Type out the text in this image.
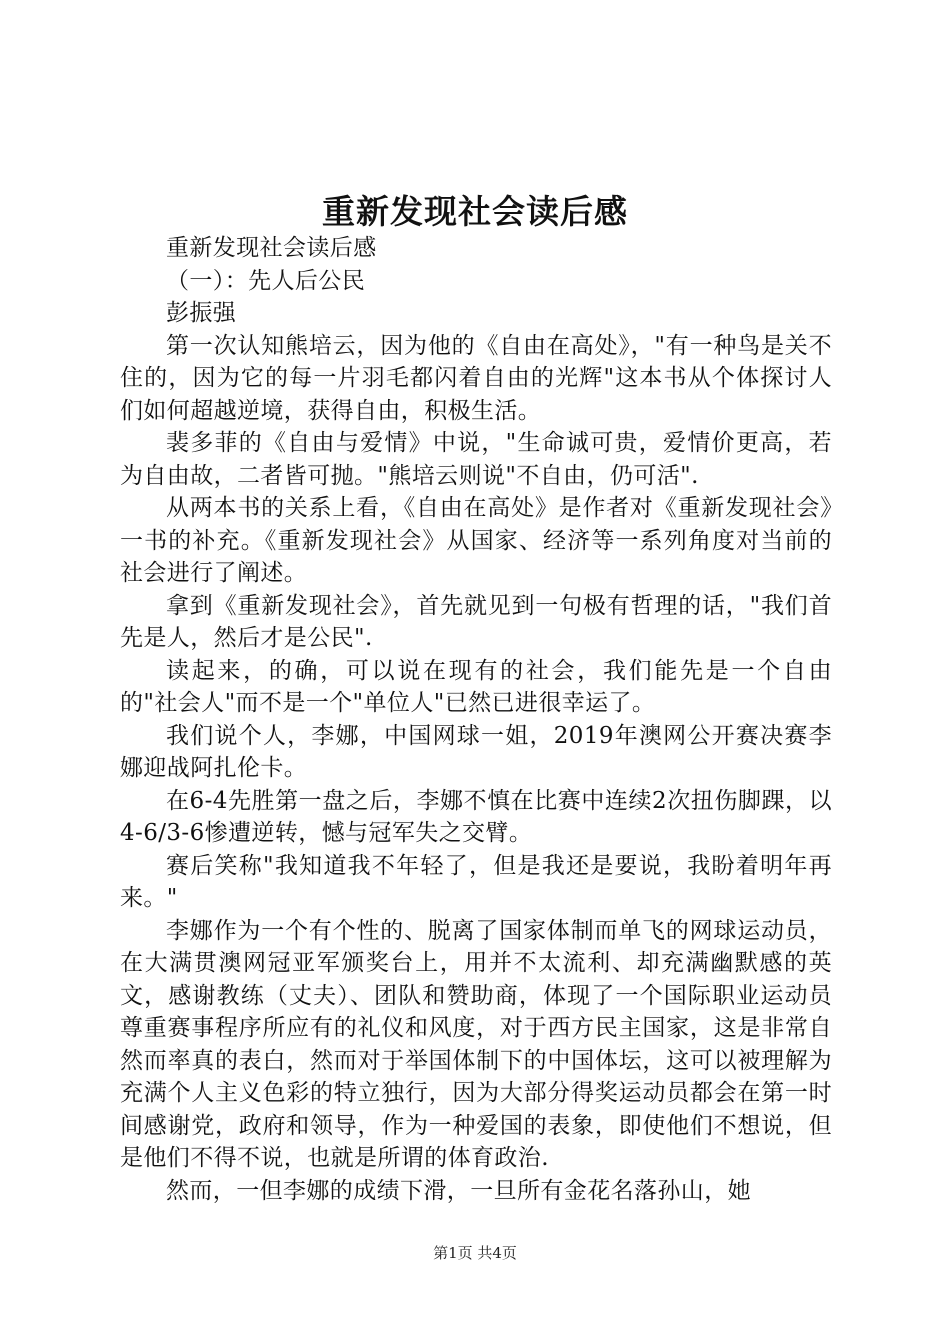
重新发现社会读后感

重新发现社会读后感

（一）：先人后公民

彭振强

第一次认知熊培云，因为他的《自由在高处》，"有一种鸟是关不住的，因为它的每一片羽毛都闪着自由的光辉"这本书从个体探讨人们如何超越逆境，获得自由，积极生活。

裴多菲的《自由与爱情》中说，"生命诚可贵，爱情价更高，若为自由故，二者皆可抛。"熊培云则说"不自由，仍可活".

从两本书的关系上看，《自由在高处》是作者对《重新发现社会》一书的补充。《重新发现社会》从国家、经济等一系列角度对当前的社会进行了阐述。

拿到《重新发现社会》，首先就见到一句极有哲理的话，"我们首先是人，然后才是公民".

读起来，的确，可以说在现有的社会，我们能先是一个自由的"社会人"而不是一个"单位人"已然已进很幸运了。

我们说个人，李娜，中国网球一姐，2019年澳网公开赛决赛李娜迎战阿扎伦卡。

在6-4先胜第一盘之后，李娜不慎在比赛中连续2次扭伤脚踝，以4-6/3-6惨遭逆转，憾与冠军失之交臂。

赛后笑称"我知道我不年轻了，但是我还是要说，我盼着明年再来。"

李娜作为一个有个性的、脱离了国家体制而单飞的网球运动员，在大满贯澳网冠亚军颁奖台上，用并不太流利、却充满幽默感的英文，感谢教练（丈夫）、团队和赞助商，体现了一个国际职业运动员尊重赛事程序所应有的礼仪和风度，对于西方民主国家，这是非常自然而率真的表白，然而对于举国体制下的中国体坛，这可以被理解为充满个人主义色彩的特立独行，因为大部分得奖运动员都会在第一时间感谢党，政府和领导，作为一种爱国的表象，即使他们不想说，但是他们不得不说，也就是所谓的体育政治.

然而，一但李娜的成绩下滑，一旦所有金花名落孙山，她

第1页 共4页
